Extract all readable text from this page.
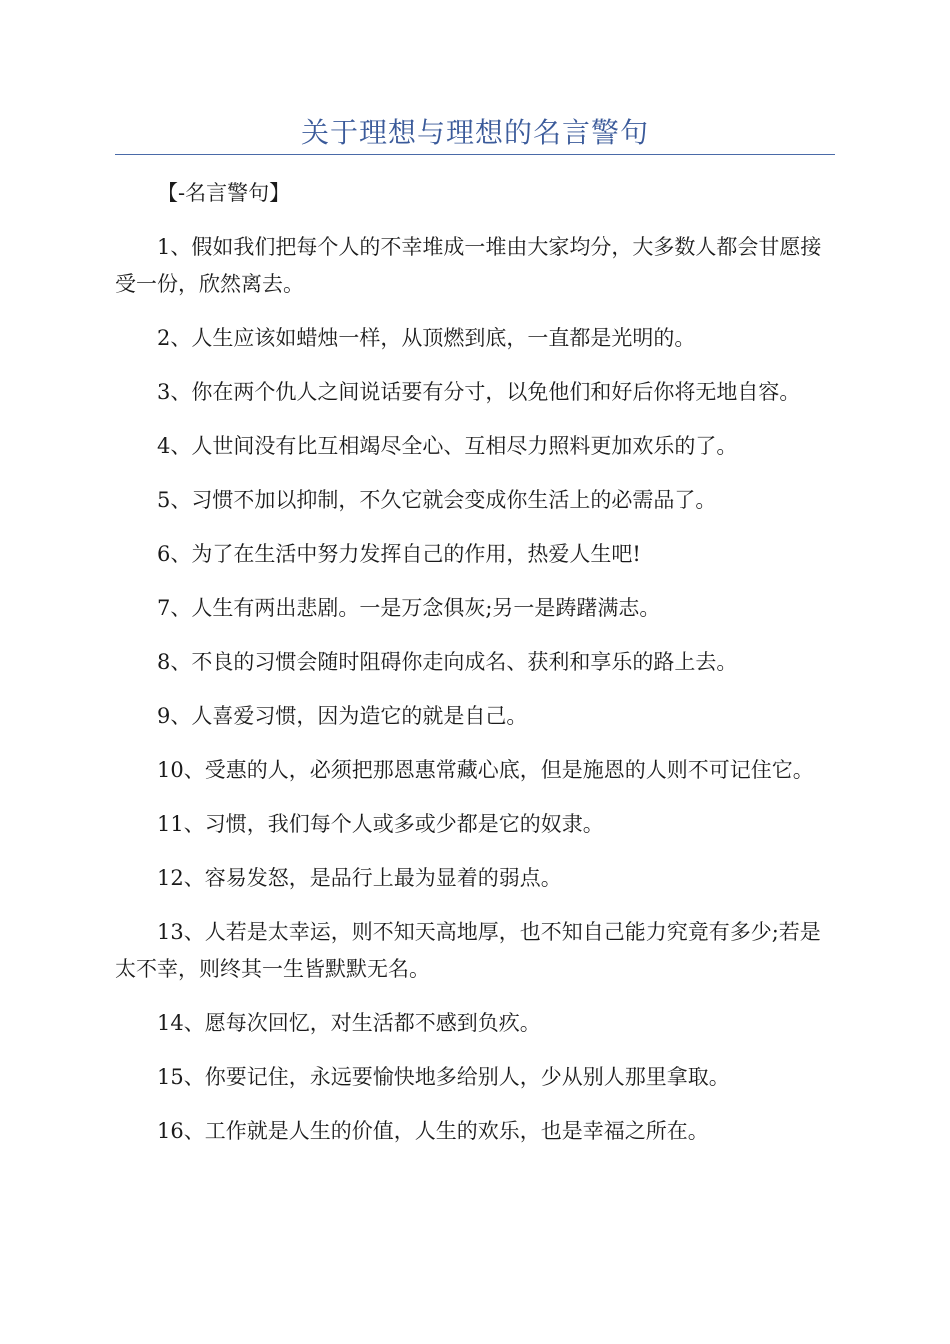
关于理想与理想的名言警句

【-名言警句】

1、假如我们把每个人的不幸堆成一堆由大家均分，大多数人都会甘愿接受一份，欣然离去。

2、人生应该如蜡烛一样，从顶燃到底，一直都是光明的。

3、你在两个仇人之间说话要有分寸，以免他们和好后你将无地自容。

4、人世间没有比互相竭尽全心、互相尽力照料更加欢乐的了。

5、习惯不加以抑制，不久它就会变成你生活上的必需品了。

6、为了在生活中努力发挥自己的作用，热爱人生吧!

7、人生有两出悲剧。一是万念俱灰;另一是踌躇满志。

8、不良的习惯会随时阻碍你走向成名、获利和享乐的路上去。

9、人喜爱习惯，因为造它的就是自己。

10、受惠的人，必须把那恩惠常藏心底，但是施恩的人则不可记住它。

11、习惯，我们每个人或多或少都是它的奴隶。

12、容易发怒，是品行上最为显着的弱点。

13、人若是太幸运，则不知天高地厚，也不知自己能力究竟有多少;若是太不幸，则终其一生皆默默无名。

14、愿每次回忆，对生活都不感到负疚。

15、你要记住，永远要愉快地多给别人，少从别人那里拿取。

16、工作就是人生的价值，人生的欢乐，也是幸福之所在。
